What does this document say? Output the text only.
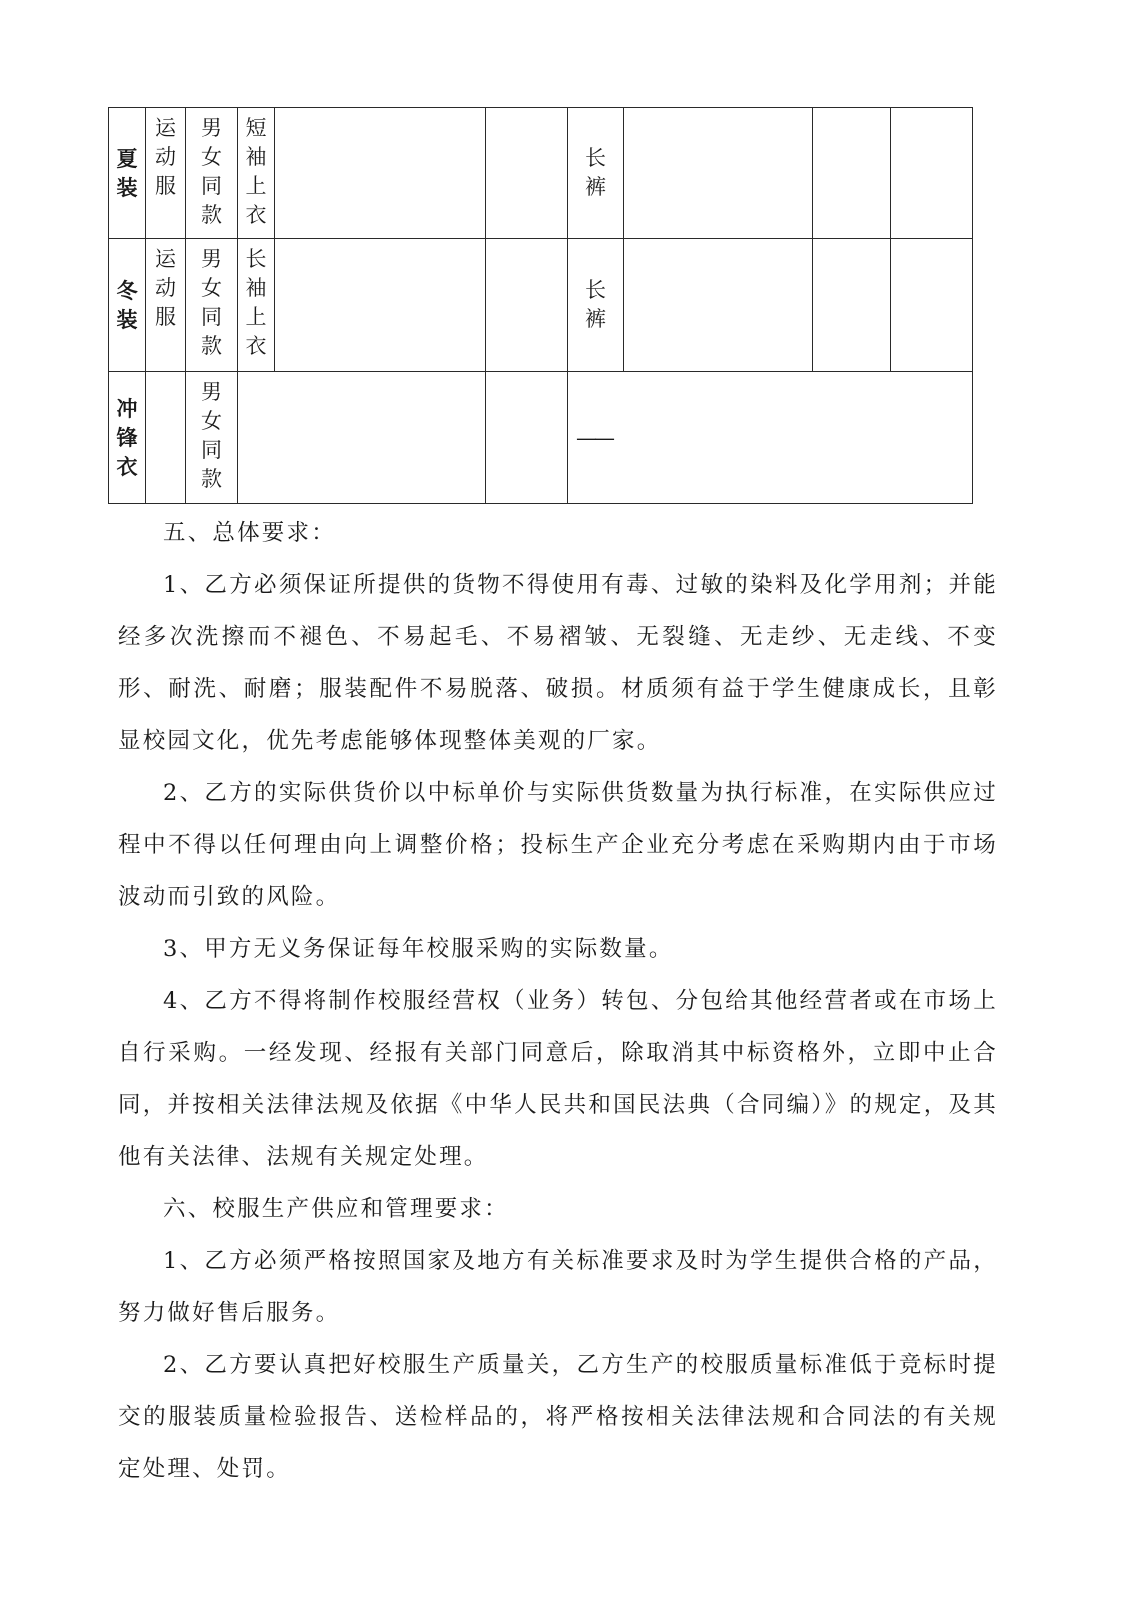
夏装	运动服	男女同款	短袖上衣			长裤			
冬装	运动服	男女同款	长袖上衣			长裤			
冲锋衣		男女同款				——			

五、总体要求：

1、乙方必须保证所提供的货物不得使用有毒、过敏的染料及化学用剂；并能经多次洗擦而不褪色、不易起毛、不易褶皱、无裂缝、无走纱、无走线、不变形、耐洗、耐磨；服装配件不易脱落、破损。材质须有益于学生健康成长，且彰显校园文化，优先考虑能够体现整体美观的厂家。

2、乙方的实际供货价以中标单价与实际供货数量为执行标准，在实际供应过程中不得以任何理由向上调整价格；投标生产企业充分考虑在采购期内由于市场波动而引致的风险。

3、甲方无义务保证每年校服采购的实际数量。

4、乙方不得将制作校服经营权（业务）转包、分包给其他经营者或在市场上自行采购。一经发现、经报有关部门同意后，除取消其中标资格外，立即中止合同，并按相关法律法规及依据《中华人民共和国民法典（合同编）》的规定，及其他有关法律、法规有关规定处理。

六、校服生产供应和管理要求：

1、乙方必须严格按照国家及地方有关标准要求及时为学生提供合格的产品，努力做好售后服务。

2、乙方要认真把好校服生产质量关，乙方生产的校服质量标准低于竞标时提交的服装质量检验报告、送检样品的，将严格按相关法律法规和合同法的有关规定处理、处罚。
